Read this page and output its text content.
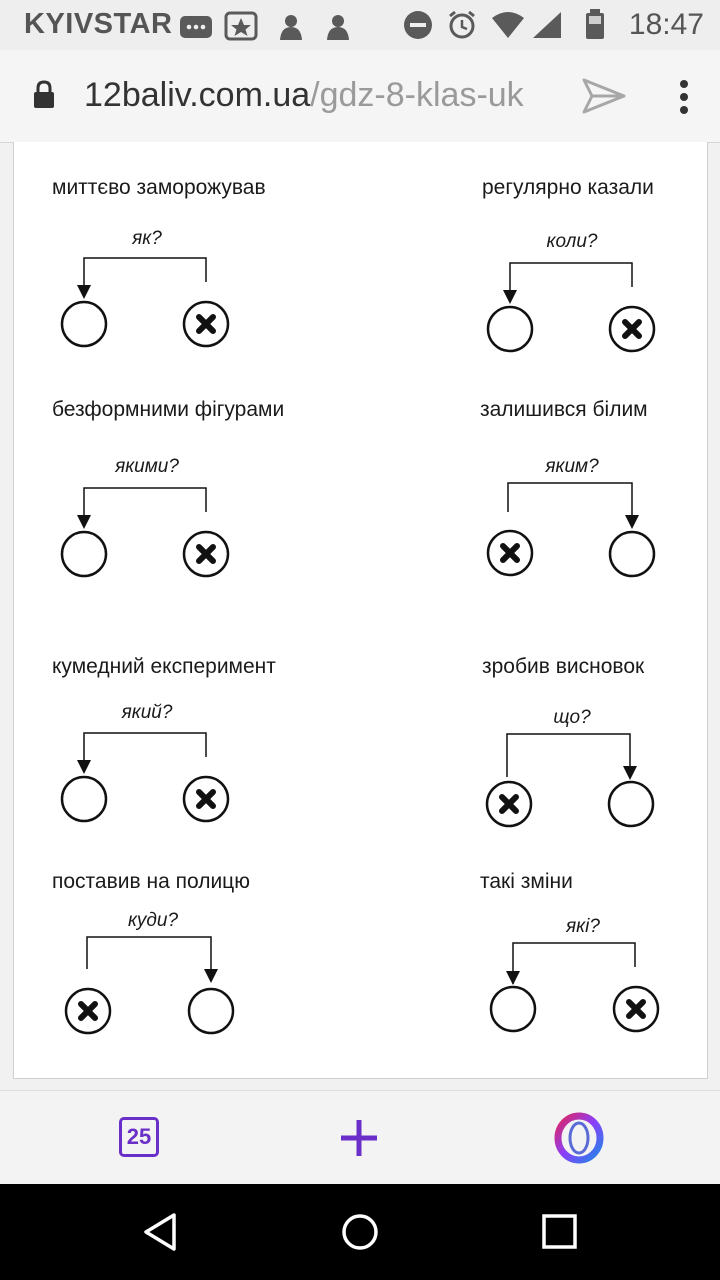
KYIVSTAR	18:47
12baliv.com.ua/gdz-8-klas-uk
миттєво заморожував
як?
регулярно казали
коли?
безформними фігурами
якими?
залишився білим
яким?
кумедний експеримент
який?
зробив висновок
що?
поставив на полицю
куди?
такі зміни
які?
25
